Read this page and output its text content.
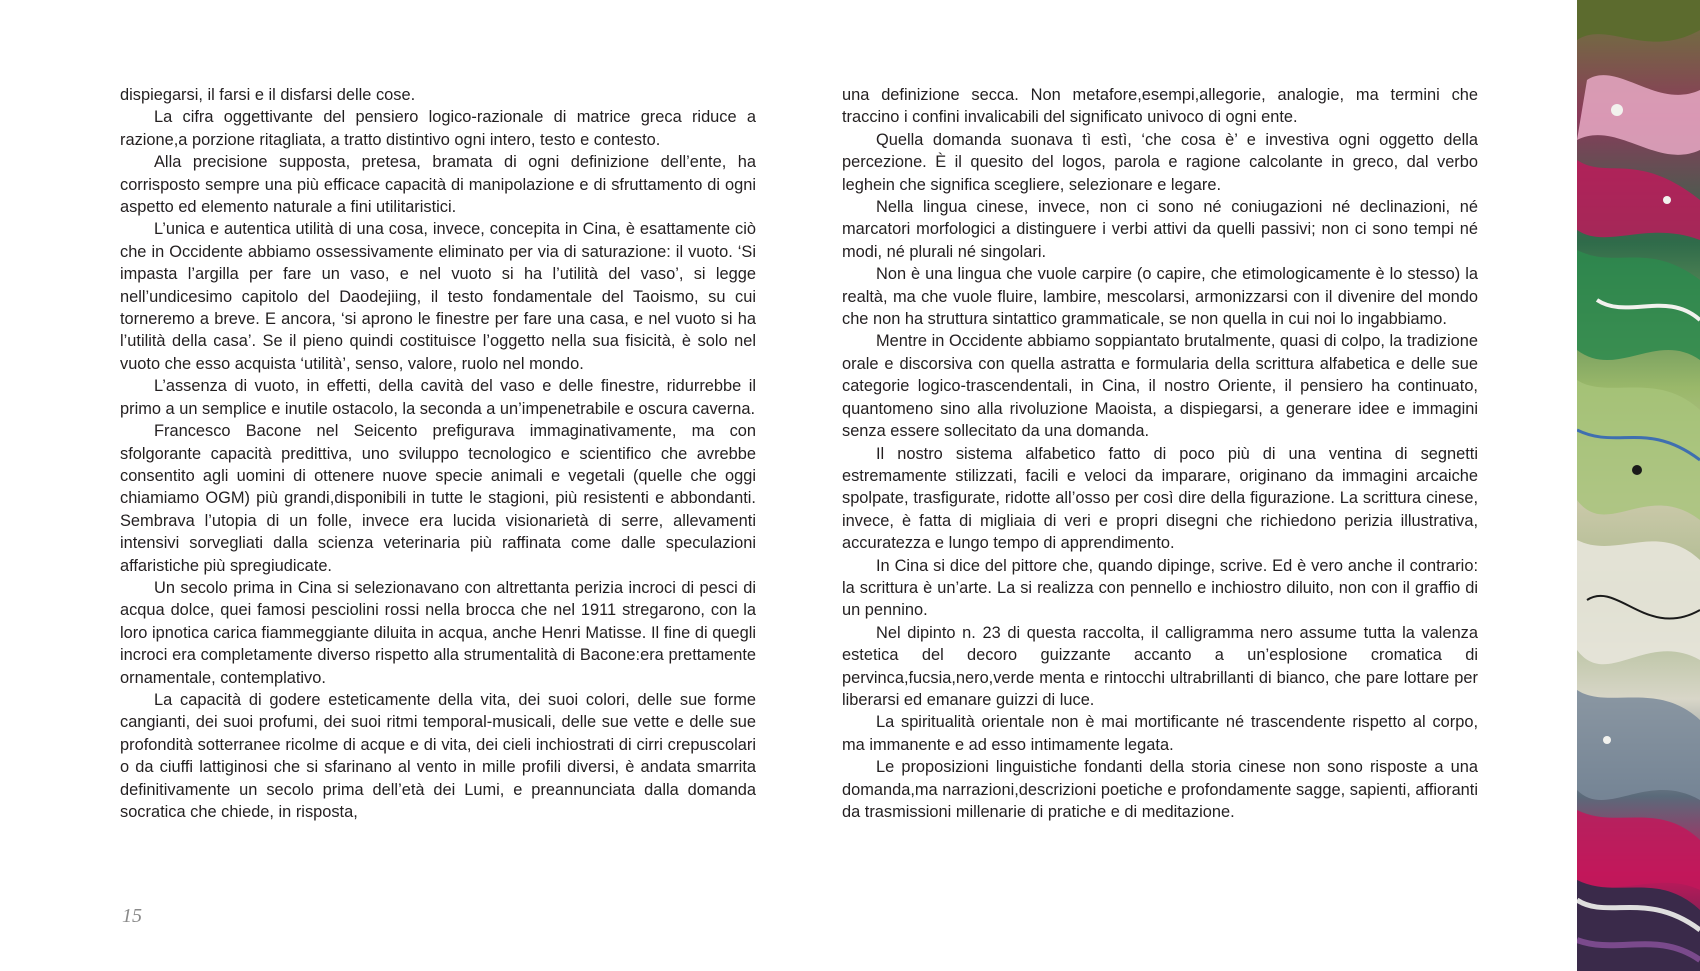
dispiegarsi, il farsi e il disfarsi delle cose.

La cifra oggettivante del pensiero logico-razionale di matrice greca riduce a razione,a porzione ritagliata, a tratto distintivo ogni intero, testo e contesto.

Alla precisione supposta, pretesa, bramata di ogni definizione dell’ente, ha corrisposto sempre una più efficace capacità di manipolazione e di sfruttamento di ogni aspetto ed elemento naturale a fini utilitaristici.

L’unica e autentica utilità di una cosa, invece, concepita in Cina, è esattamente ciò che in Occidente abbiamo ossessivamente eliminato per via di saturazione: il vuoto. ‘Si impasta l’argilla per fare un vaso, e nel vuoto si ha l’utilità del vaso’, si legge nell’undicesimo capitolo del Daodejiing, il testo fondamentale del Taoismo, su cui torneremo a breve. E ancora, ‘si aprono le finestre per fare una casa, e nel vuoto si ha l’utilità della casa’. Se il pieno quindi costituisce l’oggetto nella sua fisicità, è solo nel vuoto che esso acquista ‘utilità’, senso, valore, ruolo nel mondo.

L’assenza di vuoto, in effetti, della cavità del vaso e delle finestre, ridurrebbe il primo a un semplice e inutile ostacolo, la seconda a un’impenetrabile e oscura caverna.

Francesco Bacone nel Seicento prefigurava immaginativamente, ma con sfolgorante capacità predittiva, uno sviluppo tecnologico e scientifico che avrebbe consentito agli uomini di ottenere nuove specie animali e vegetali (quelle che oggi chiamiamo OGM) più grandi,disponibili in tutte le stagioni, più resistenti e abbondanti. Sembrava l’utopia di un folle, invece era lucida visionarietà di serre, allevamenti intensivi sorvegliati dalla scienza veterinaria più raffinata come dalle speculazioni affaristiche più spregiudicate.

Un secolo prima in Cina si selezionavano con altrettanta perizia incroci di pesci di acqua dolce, quei famosi pesciolini rossi nella brocca che nel 1911 stregarono, con la loro ipnotica carica fiammeggiante diluita in acqua, anche Henri Matisse. Il fine di quegli incroci era completamente diverso rispetto alla strumentalità di Bacone:era prettamente ornamentale, contemplativo.

La capacità di godere esteticamente della vita, dei suoi colori, delle sue forme cangianti, dei suoi profumi, dei suoi ritmi temporal-musicali, delle sue vette e delle sue profondità sotterranee ricolme di acque e di vita, dei cieli inchiostrati di cirri crepuscolari o da ciuffi lattiginosi che si sfarinano al vento in mille profili diversi, è andata smarrita definitivamente un secolo prima dell’età dei Lumi, e preannunciata dalla domanda socratica che chiede, in risposta,

una definizione secca. Non metafore,esempi,allegorie, analogie, ma termini che traccino i confini invalicabili del significato univoco di ogni ente.

Quella domanda suonava tì estì, ‘che cosa è’ e investiva ogni oggetto della percezione. È il quesito del logos, parola e ragione calcolante in greco, dal verbo leghein che significa scegliere, selezionare e legare.

Nella lingua cinese, invece, non ci sono né coniugazioni né declinazioni, né marcatori morfologici a distinguere i verbi attivi da quelli passivi; non ci sono tempi né modi, né plurali né singolari.

Non è una lingua che vuole carpire (o capire, che etimologicamente è lo stesso) la realtà, ma che vuole fluire, lambire, mescolarsi, armonizzarsi con il divenire del mondo che non ha struttura sintattico grammaticale, se non quella in cui noi lo ingabbiamo.

Mentre in Occidente abbiamo soppiantato brutalmente, quasi di colpo, la tradizione orale e discorsiva con quella astratta e formularia della scrittura alfabetica e delle sue categorie logico-trascendentali, in Cina, il nostro Oriente, il pensiero ha continuato, quantomeno sino alla rivoluzione Maoista, a dispiegarsi, a generare idee e immagini senza essere sollecitato da una domanda.

Il nostro sistema alfabetico fatto di poco più di una ventina di segnetti estremamente stilizzati, facili e veloci da imparare, originano da immagini arcaiche spolpate, trasfigurate, ridotte all’osso per così dire della figurazione. La scrittura cinese, invece, è fatta di migliaia di veri e propri disegni che richiedono perizia illustrativa, accuratezza e lungo tempo di apprendimento.

In Cina si dice del pittore che, quando dipinge, scrive. Ed è vero anche il contrario: la scrittura è un’arte. La si realizza con pennello e inchiostro diluito, non con il graffio di un pennino.

Nel dipinto n. 23 di questa raccolta, il calligramma nero assume tutta la valenza estetica del decoro guizzante accanto a un’esplosione cromatica di pervinca,fucsia,nero,verde menta e rintocchi ultrabrillanti di bianco, che pare lottare per liberarsi ed emanare guizzi di luce.

La spiritualità orientale non è mai mortificante né trascendente rispetto al corpo, ma immanente e ad esso intimamente legata.

Le proposizioni linguistiche fondanti della storia cinese non sono risposte a una domanda,ma narrazioni,descrizioni poetiche e profondamente sagge, sapienti, affioranti da trasmissioni millenarie di pratiche e di meditazione.

15
